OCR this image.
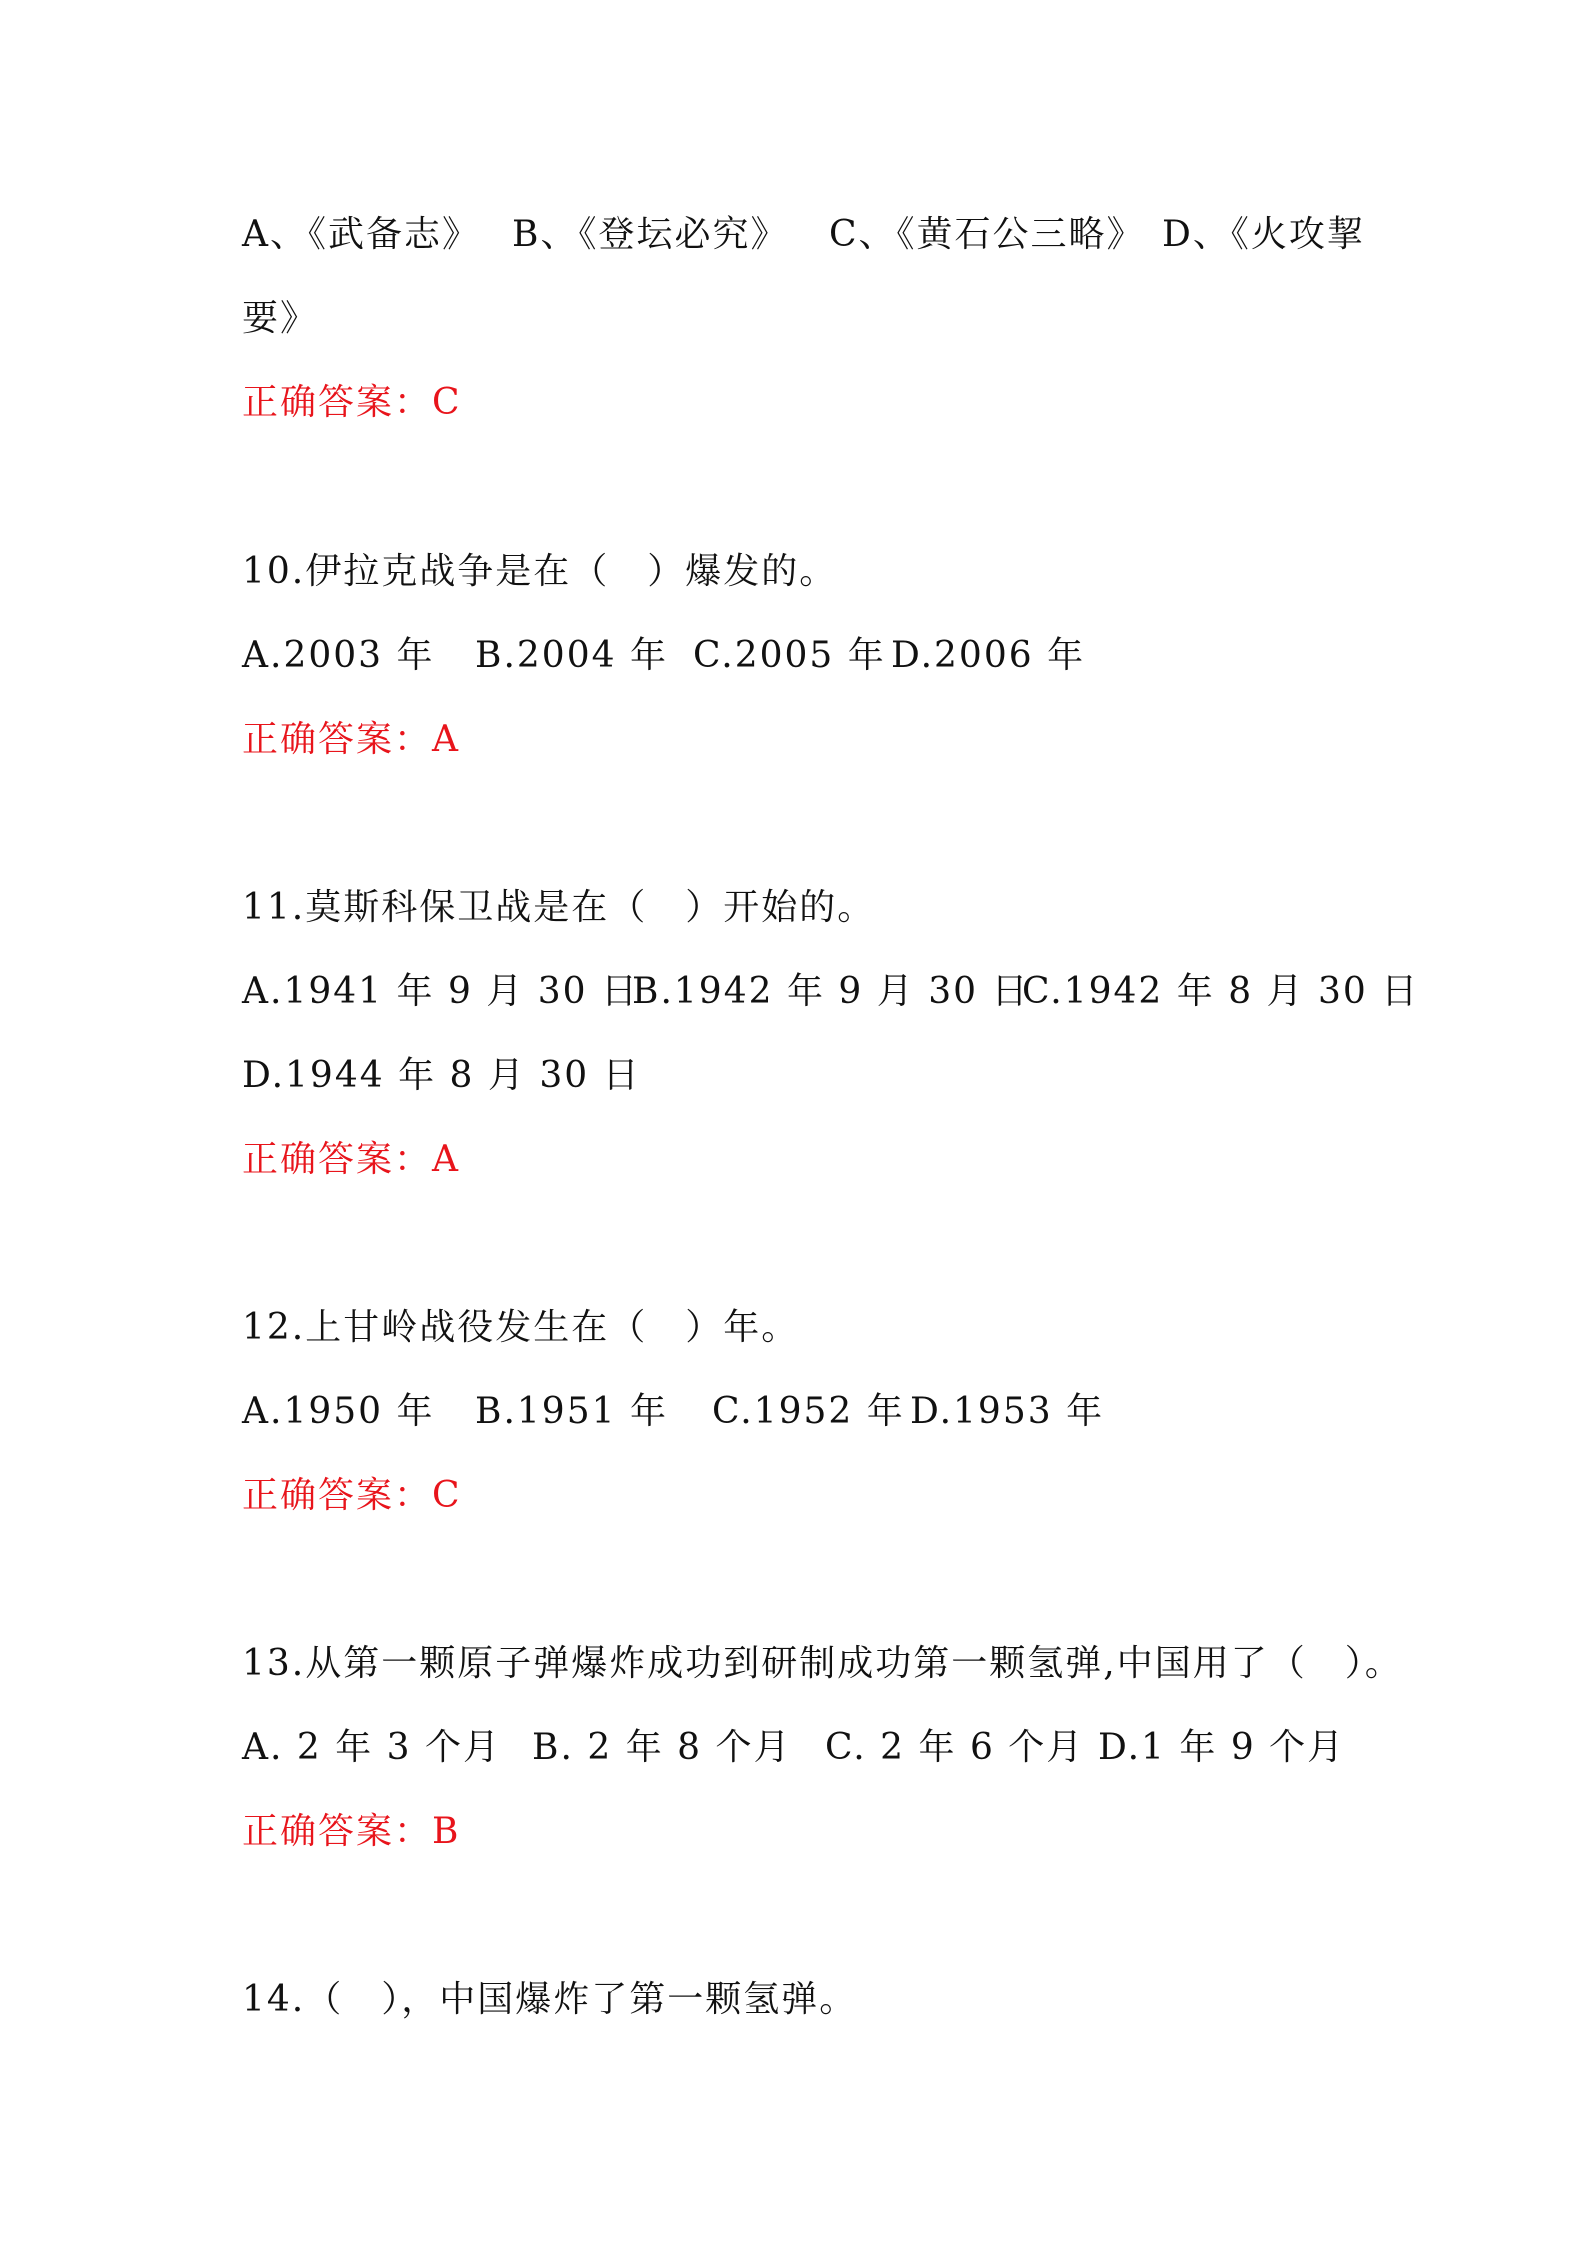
A、《武备志》 B、《登坛必究》 C、《黄石公三略》 D、《火攻挈
要》
正确答案：C
10.伊拉克战争是在（　）爆发的。
A.2003 年 B.2004 年 C.2005 年 D.2006 年
正确答案：A
11.莫斯科保卫战是在（　）开始的。
A.1941 年 9 月 30 日B.1942 年 9 月 30 日C.1942 年 8 月 30 日
D.1944 年 8 月 30 日
正确答案：A
12.上甘岭战役发生在（　）年。
A.1950 年 B.1951 年 C.1952 年 D.1953 年
正确答案：C
13.从第一颗原子弹爆炸成功到研制成功第一颗氢弹,中国用了（　）。
A. 2 年 3 个月 B. 2 年 8 个月 C. 2 年 6 个月 D.1 年 9 个月
正确答案：B
14.（　），中国爆炸了第一颗氢弹。
